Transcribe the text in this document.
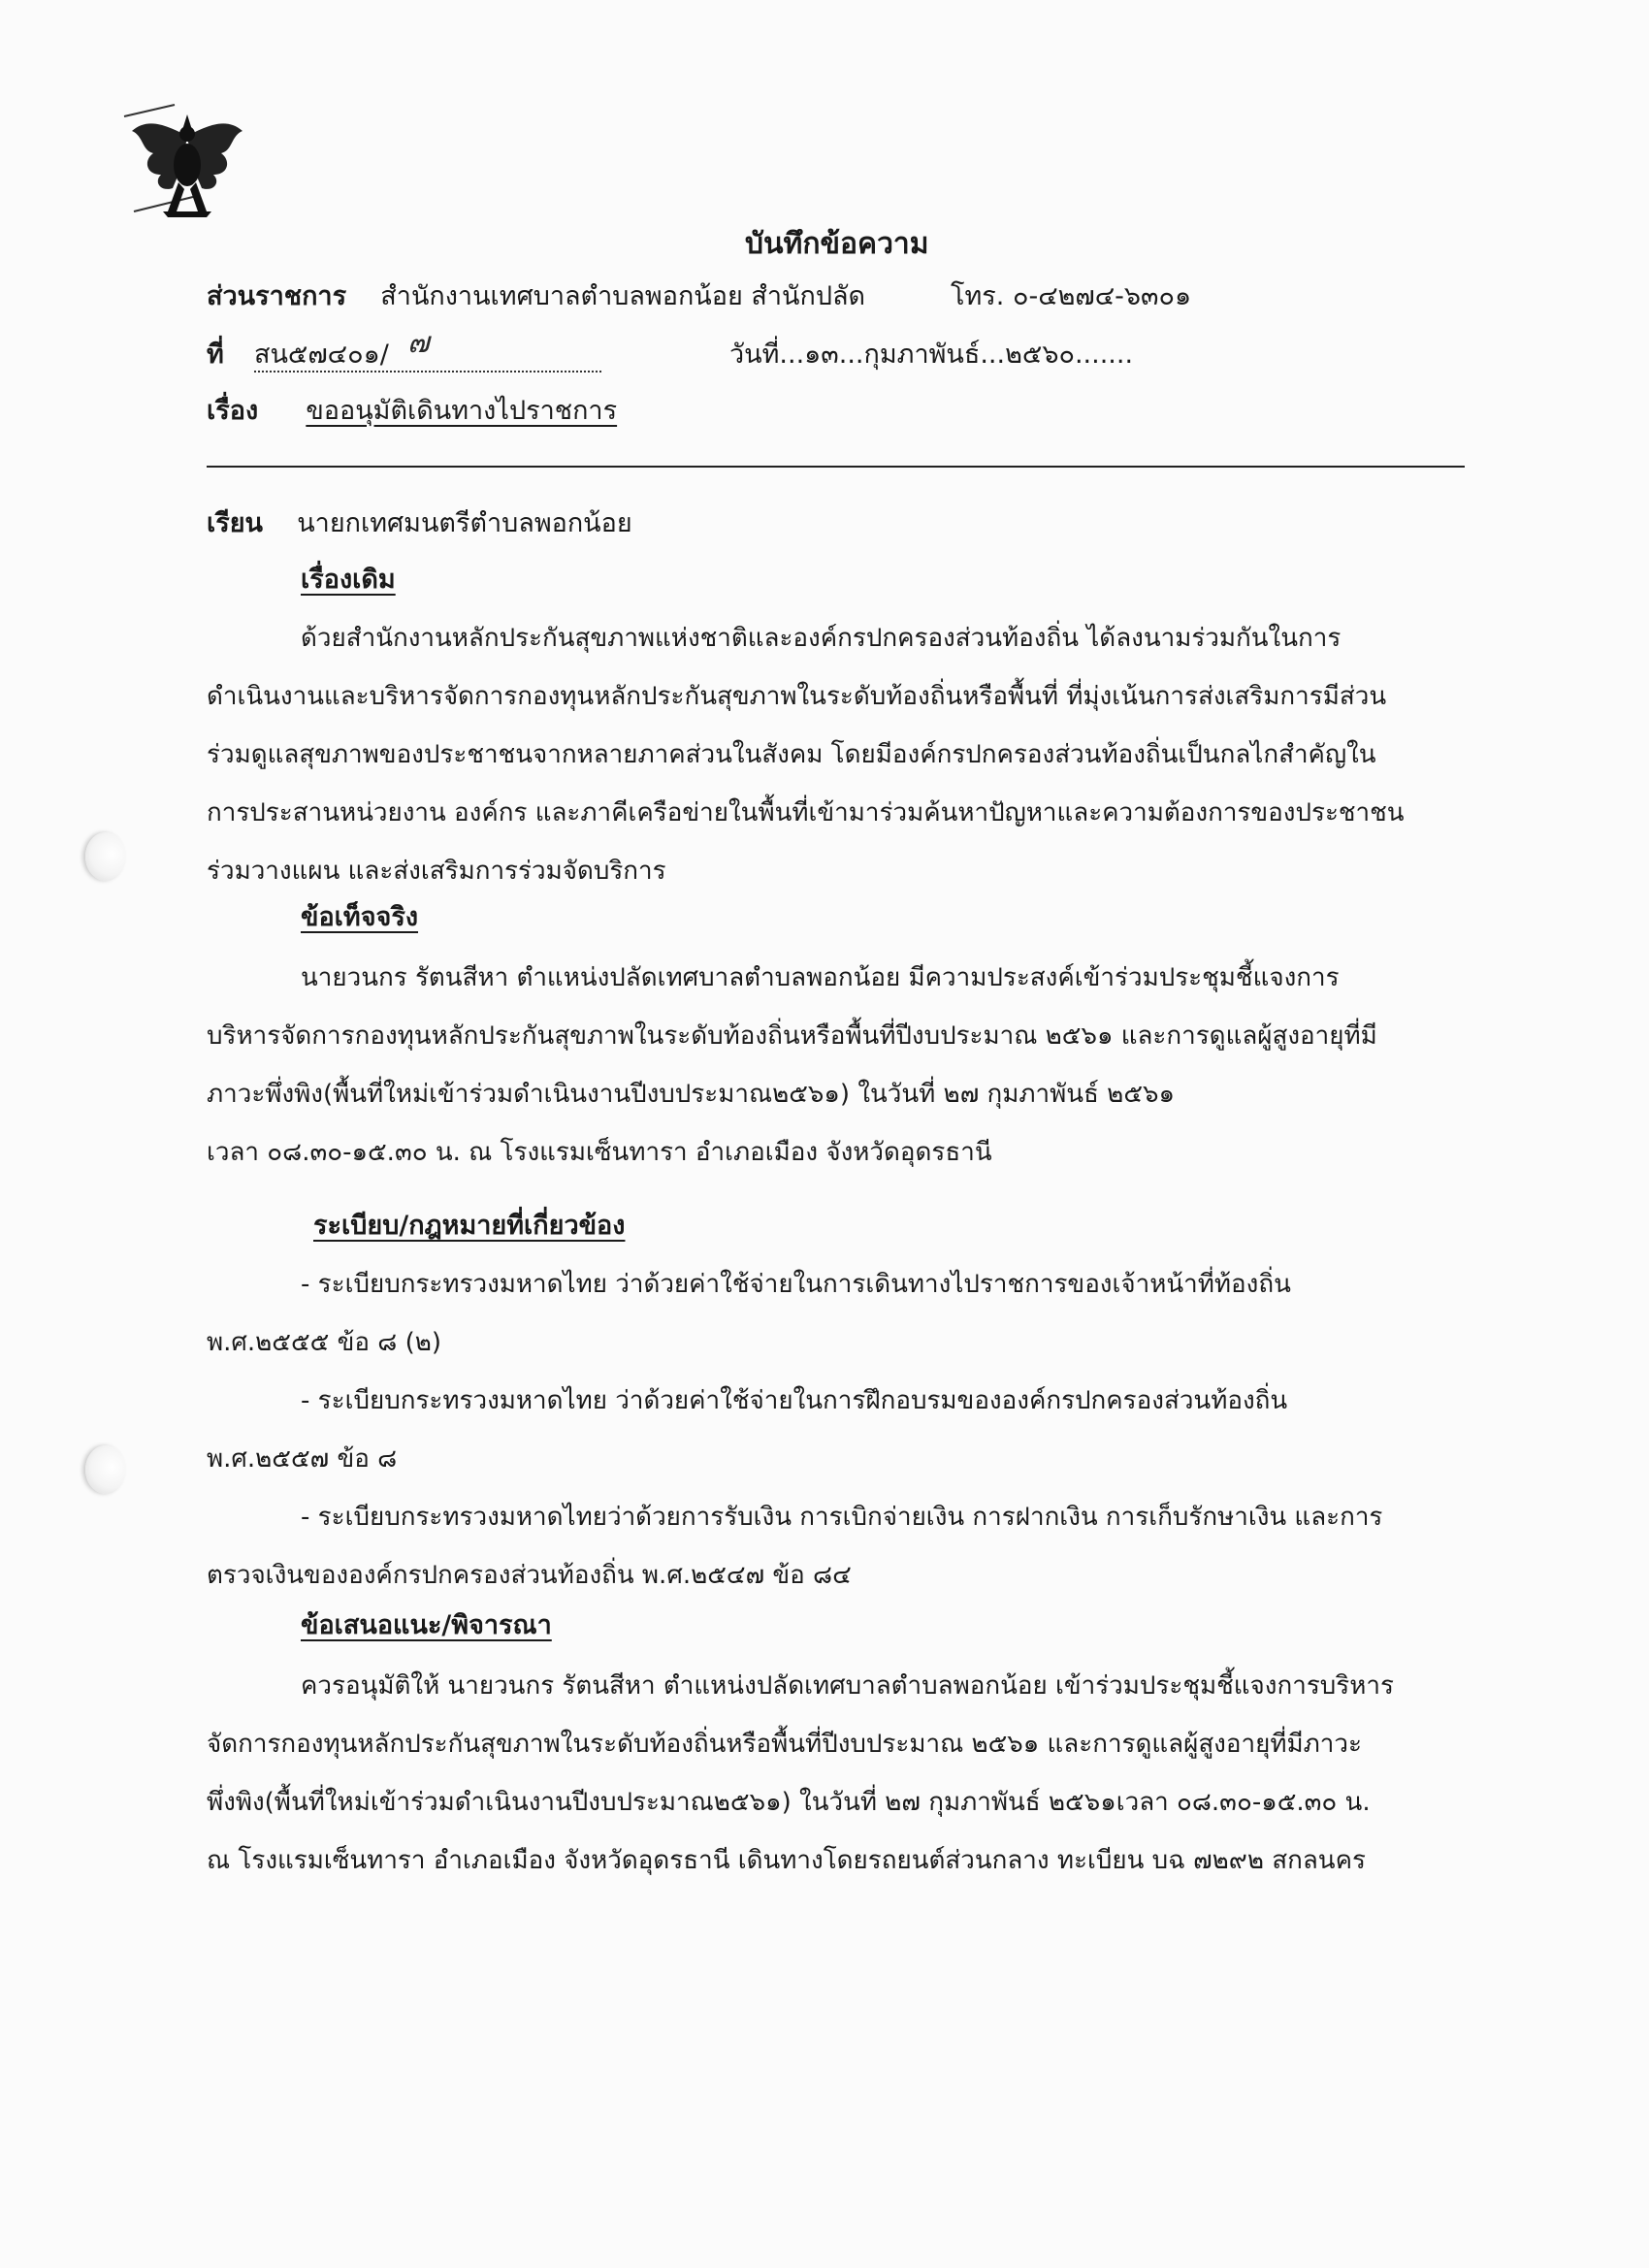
บันทึกข้อความ
ส่วนราชการ สำนักงานเทศบาลตำบลพอกน้อย สำนักปลัด	โทร. ๐-๔๒๗๔-๖๓๐๑
ที่ สน๕๗๔๐๑/ ๗	วันที่...๑๓...กุมภาพันธ์...๒๕๖๐.......
เรื่อง ขออนุมัติเดินทางไปราชการ
เรียน นายกเทศมนตรีตำบลพอกน้อย
เรื่องเดิม
ด้วยสำนักงานหลักประกันสุขภาพแห่งชาติและองค์กรปกครองส่วนท้องถิ่น ได้ลงนามร่วมกันในการ
ดำเนินงานและบริหารจัดการกองทุนหลักประกันสุขภาพในระดับท้องถิ่นหรือพื้นที่ ที่มุ่งเน้นการส่งเสริมการมีส่วน
ร่วมดูแลสุขภาพของประชาชนจากหลายภาคส่วนในสังคม โดยมีองค์กรปกครองส่วนท้องถิ่นเป็นกลไกสำคัญใน
การประสานหน่วยงาน องค์กร และภาคีเครือข่ายในพื้นที่เข้ามาร่วมค้นหาปัญหาและความต้องการของประชาชน
ร่วมวางแผน และส่งเสริมการร่วมจัดบริการ
ข้อเท็จจริง
นายวนกร รัตนสีหา ตำแหน่งปลัดเทศบาลตำบลพอกน้อย มีความประสงค์เข้าร่วมประชุมชี้แจงการ
บริหารจัดการกองทุนหลักประกันสุขภาพในระดับท้องถิ่นหรือพื้นที่ปีงบประมาณ ๒๕๖๑ และการดูแลผู้สูงอายุที่มี
ภาวะพึ่งพิง(พื้นที่ใหม่เข้าร่วมดำเนินงานปีงบประมาณ๒๕๖๑) ในวันที่ ๒๗ กุมภาพันธ์ ๒๕๖๑
เวลา ๐๘.๓๐-๑๕.๓๐ น. ณ โรงแรมเซ็นทารา อำเภอเมือง จังหวัดอุดรธานี
ระเบียบ/กฎหมายที่เกี่ยวข้อง
- ระเบียบกระทรวงมหาดไทย ว่าด้วยค่าใช้จ่ายในการเดินทางไปราชการของเจ้าหน้าที่ท้องถิ่น
พ.ศ.๒๕๕๕ ข้อ ๘ (๒)
- ระเบียบกระทรวงมหาดไทย ว่าด้วยค่าใช้จ่ายในการฝึกอบรมขององค์กรปกครองส่วนท้องถิ่น
พ.ศ.๒๕๕๗ ข้อ ๘
- ระเบียบกระทรวงมหาดไทยว่าด้วยการรับเงิน การเบิกจ่ายเงิน การฝากเงิน การเก็บรักษาเงิน และการ
ตรวจเงินขององค์กรปกครองส่วนท้องถิ่น พ.ศ.๒๕๔๗ ข้อ ๘๔
ข้อเสนอแนะ/พิจารณา
ควรอนุมัติให้ นายวนกร รัตนสีหา ตำแหน่งปลัดเทศบาลตำบลพอกน้อย เข้าร่วมประชุมชี้แจงการบริหาร
จัดการกองทุนหลักประกันสุขภาพในระดับท้องถิ่นหรือพื้นที่ปีงบประมาณ ๒๕๖๑ และการดูแลผู้สูงอายุที่มีภาวะ
พึ่งพิง(พื้นที่ใหม่เข้าร่วมดำเนินงานปีงบประมาณ๒๕๖๑) ในวันที่ ๒๗ กุมภาพันธ์ ๒๕๖๑เวลา ๐๘.๓๐-๑๕.๓๐ น.
ณ โรงแรมเซ็นทารา อำเภอเมือง จังหวัดอุดรธานี เดินทางโดยรถยนต์ส่วนกลาง ทะเบียน บฉ ๗๒๙๒ สกลนคร
